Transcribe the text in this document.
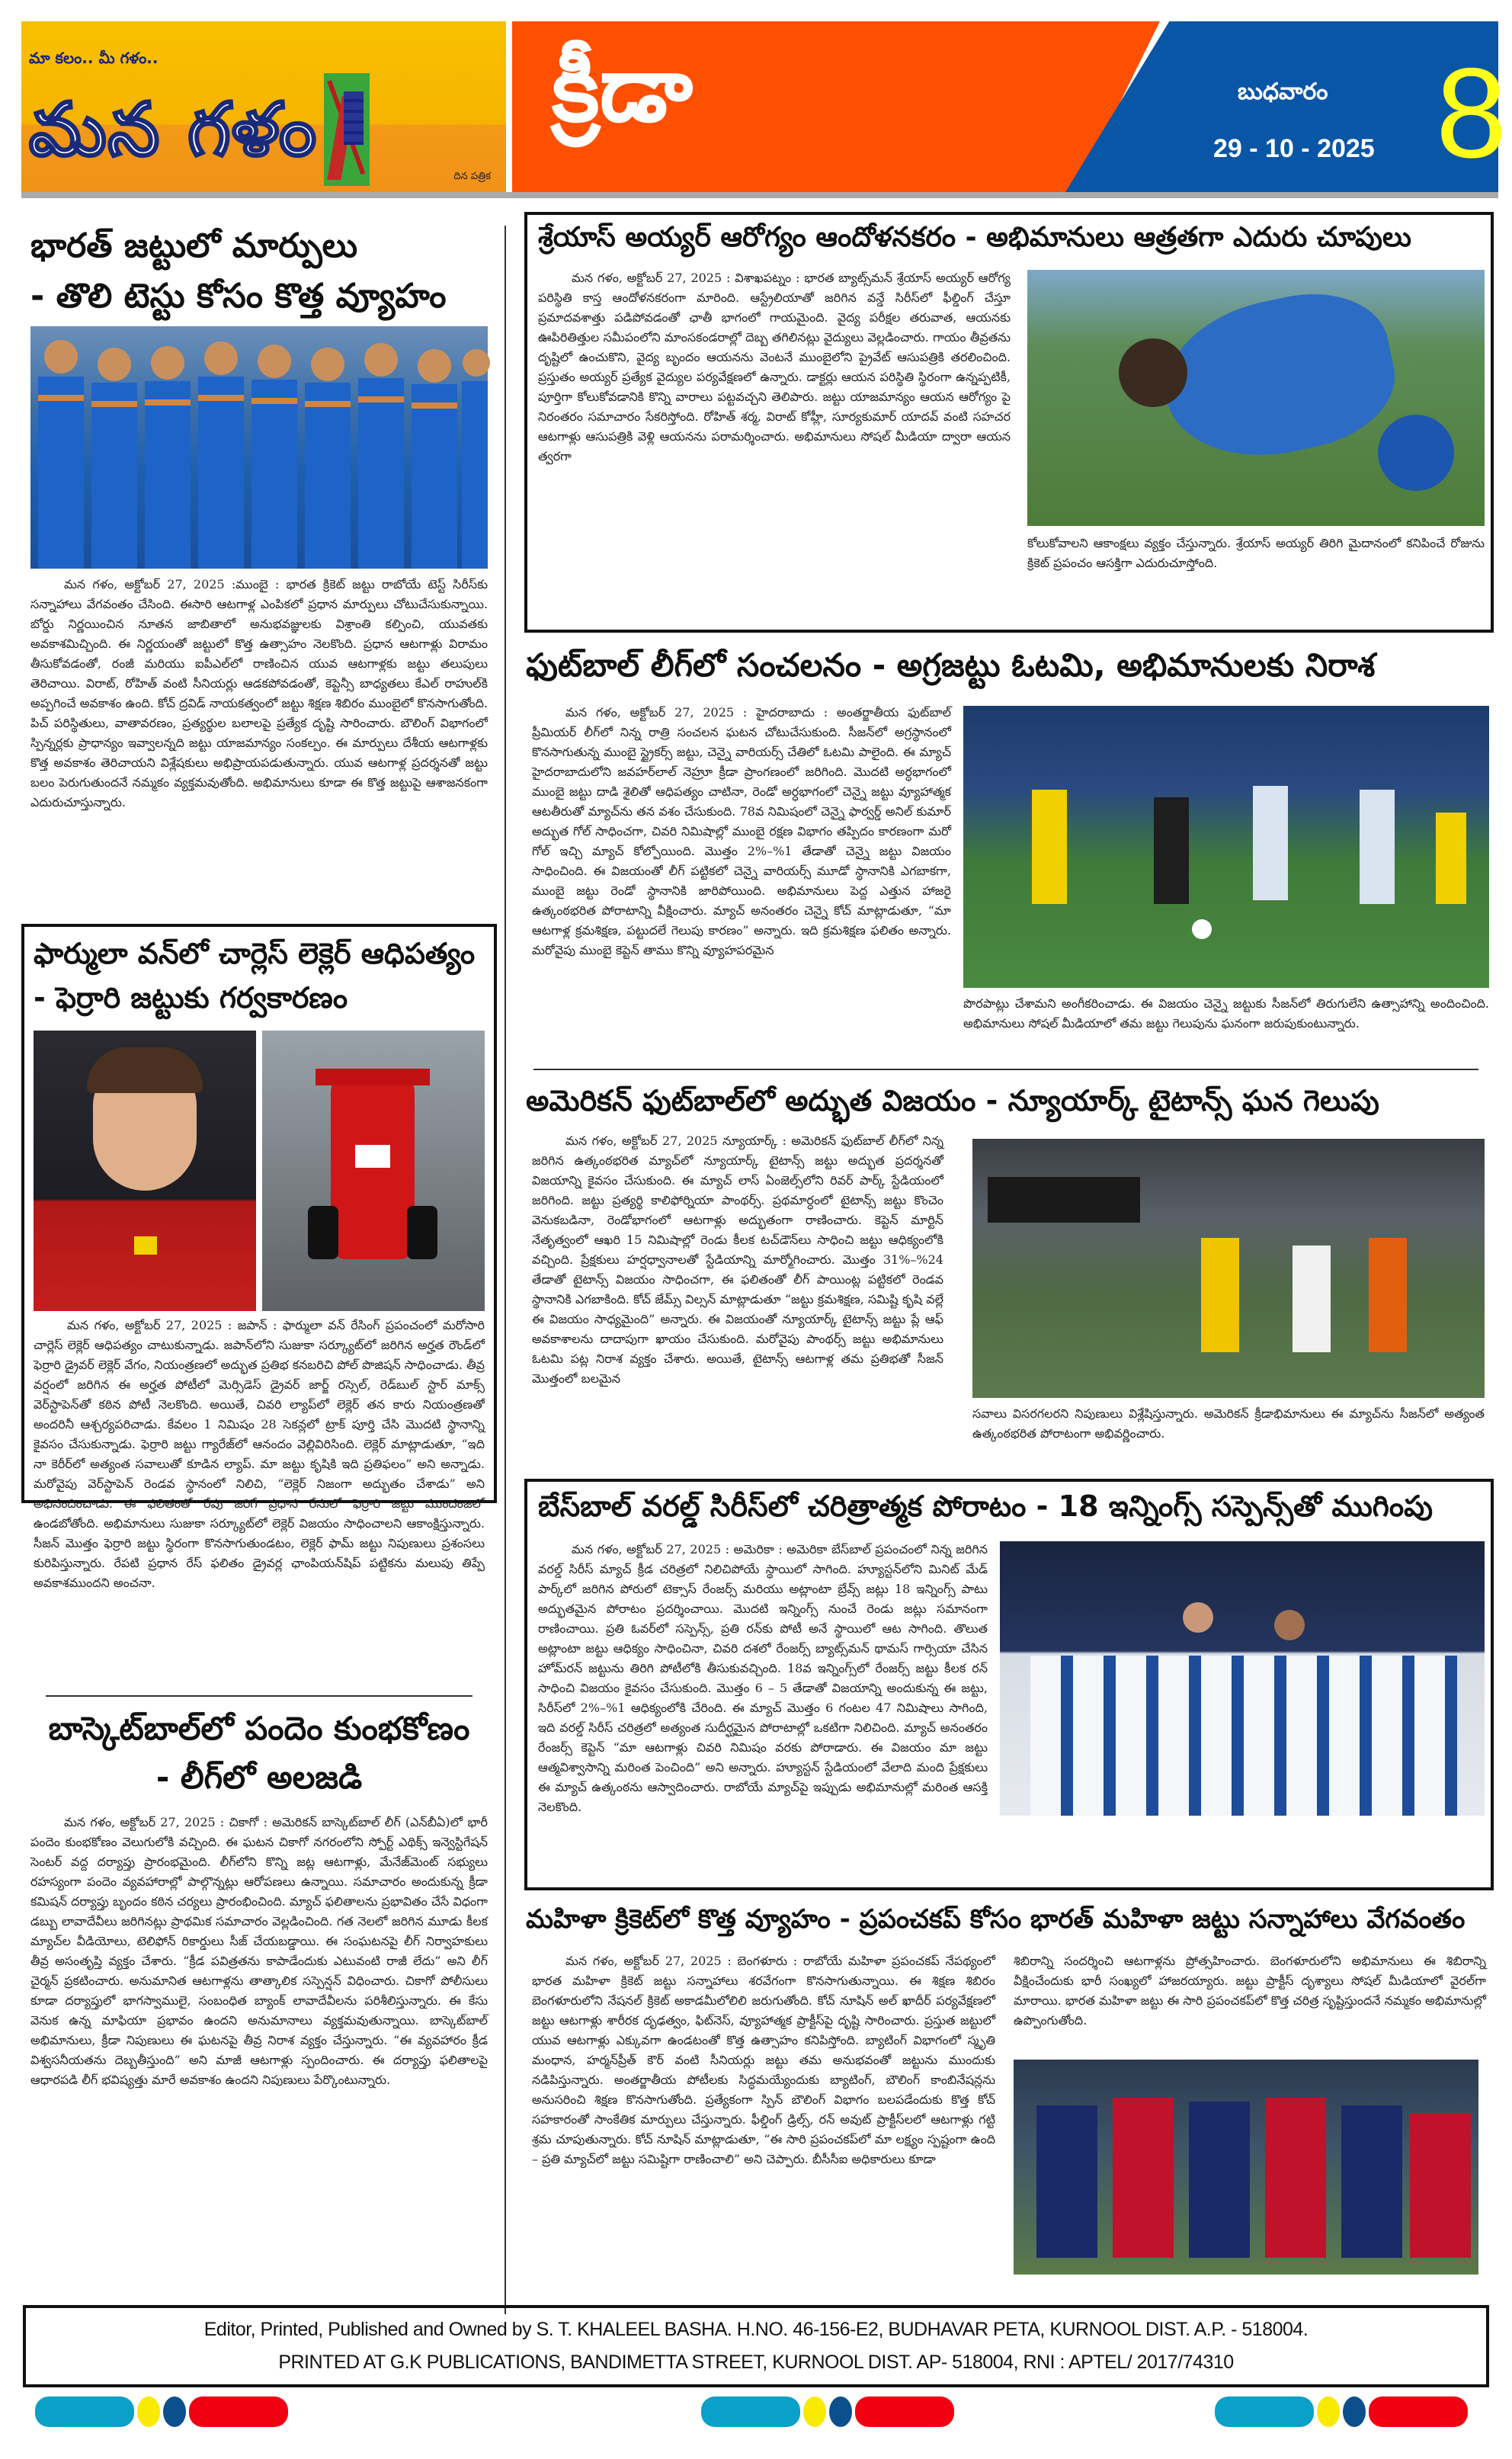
మా కలం.. మీ గళం..
మన గళం
దిన పత్రిక
క్రీడా	బుధవారం
29 - 10 - 2025 8
భారత్ జట్టులో మార్పులు
- తొలి టెస్టు కోసం కొత్త వ్యూహం

మన గళం, అక్టోబర్ 27, 2025 :ముంబై : భారత క్రికెట్ జట్టు రాబోయే టెస్ట్ సిరీస్‌కు సన్నాహాలు వేగవంతం చేసింది. ఈసారి ఆటగాళ్ల ఎంపికలో ప్రధాన మార్పులు చోటుచేసుకున్నాయి. బోర్డు నిర్ణయించిన నూతన జాబితాలో అనుభవజ్ఞులకు విశ్రాంతి కల్పించి, యువతకు అవకాశమిచ్చింది. ఈ నిర్ణయంతో జట్టులో కొత్త ఉత్సాహం నెలకొంది. ప్రధాన ఆటగాళ్లు విరామం తీసుకోవడంతో, రంజీ మరియు ఐపీఎల్‌లో రాణించిన యువ ఆటగాళ్లకు జట్టు తలుపులు తెరిచాయి. విరాట్, రోహిత్ వంటి సీనియర్లు ఆడకపోవడంతో, కెప్టెన్సీ బాధ్యతలు కేఎల్ రాహుల్‌కి అప్పగించే అవకాశం ఉంది. కోచ్ ద్రవిడ్ నాయకత్వంలో జట్టు శిక్షణ శిబిరం ముంబైలో కొనసాగుతోంది. పిచ్ పరిస్థితులు, వాతావరణం, ప్రత్యర్థుల బలాలపై ప్రత్యేక దృష్టి సారించారు. బౌలింగ్ విభాగంలో స్పిన్నర్లకు ప్రాధాన్యం ఇవ్వాలన్నది జట్టు యాజమాన్యం సంకల్పం. ఈ మార్పులు దేశీయ ఆటగాళ్లకు కొత్త అవకాశం తెరిచాయని విశ్లేషకులు అభిప్రాయపడుతున్నారు. యువ ఆటగాళ్ల ప్రదర్శనతో జట్టు బలం పెరుగుతుందనే నమ్మకం వ్యక్తమవుతోంది. అభిమానులు కూడా ఈ కొత్త జట్టుపై ఆశాజనకంగా ఎదురుచూస్తున్నారు.

ఫార్ములా వన్‌లో చార్లెస్ లెక్లెర్ ఆధిపత్యం
- ఫెర్రారి జట్టుకు గర్వకారణం

మన గళం, అక్టోబర్ 27, 2025 : జపాన్ : ఫార్ములా వన్ రేసింగ్ ప్రపంచంలో మరోసారి చార్లెస్ లెక్లెర్ ఆధిపత్యం చాటుకున్నాడు. జపాన్‌లోని సుజుకా సర్క్యూట్‌లో జరిగిన అర్హత రౌండ్‌లో ఫెర్రారి డ్రైవర్ లెక్లెర్ వేగం, నియంత్రణలో అద్భుత ప్రతిభ కనబరిచి పోల్ పొజిషన్ సాధించాడు. తీవ్ర వర్షంలో జరిగిన ఈ అర్హత పోటీలో మెర్సిడెస్ డ్రైవర్ జార్జ్ రస్సెల్, రెడ్‌బుల్ స్టార్ మాక్స్ వెర్‌స్టాపెన్‌తో కఠిన పోటీ నెలకొంది. అయితే, చివరి ల్యాప్‌లో లెక్లెర్ తన కారు నియంత్రణతో అందరినీ ఆశ్చర్యపరిచాడు. కేవలం 1 నిమిషం 28 సెకన్లలో ట్రాక్ పూర్తి చేసి మొదటి స్థానాన్ని కైవసం చేసుకున్నాడు. ఫెర్రారి జట్టు గ్యారేజ్‌లో ఆనందం వెల్లివిరిసింది. లెక్లెర్ మాట్లాడుతూ, “ఇది నా కెరీర్‌లో అత్యంత సవాలుతో కూడిన ల్యాప్. మా జట్టు కృషికి ఇది ప్రతిఫలం” అని అన్నాడు. మరోవైపు వెర్‌స్టాపెన్ రెండవ స్థానంలో నిలిచి, “లెక్లెర్ నిజంగా అద్భుతం చేశాడు” అని అభినందించాడు. ఈ ఫలితంతో రేపు జరిగే ప్రధాన రేసులో ఫెర్రారి జట్టు ముందంజలో ఉండబోతోంది. అభిమానులు సుజుకా సర్క్యూట్‌లో లెక్లెర్ విజయం సాధించాలని ఆకాంక్షిస్తున్నారు. సీజన్ మొత్తం ఫెర్రారి జట్టు స్థిరంగా కొనసాగుతుండటం, లెక్లెర్ ఫామ్ జట్టు నిపుణులు ప్రశంసలు కురిపిస్తున్నారు. రేపటి ప్రధాన రేస్ ఫలితం డ్రైవర్ల ఛాంపియన్‌షిప్ పట్టికను మలుపు తిప్పే అవకాశముందని అంచనా.

బాస్కెట్‌బాల్‌లో పందెం కుంభకోణం
- లీగ్‌లో అలజడి

మన గళం, అక్టోబర్ 27, 2025 : చికాగో : అమెరికన్ బాస్కెట్‌బాల్ లీగ్ (ఎన్‌బీఏ)లో భారీ పందెం కుంభకోణం వెలుగులోకి వచ్చింది. ఈ ఘటన చికాగో నగరంలోని స్పోర్ట్ ఎథిక్స్ ఇన్వెస్టిగేషన్ సెంటర్ వద్ద దర్యాప్తు ప్రారంభమైంది. లీగ్‌లోని కొన్ని జట్ల ఆటగాళ్లు, మేనేజ్‌మెంట్ సభ్యులు రహస్యంగా పందెం వ్యవహారాల్లో పాల్గొన్నట్లు ఆరోపణలు ఉన్నాయి. సమాచారం అందుకున్న క్రీడా కమిషన్ దర్యాప్తు బృందం కఠిన చర్యలు ప్రారంభించింది. మ్యాచ్ ఫలితాలను ప్రభావితం చేసే విధంగా డబ్బు లావాదేవీలు జరిగినట్లు ప్రాథమిక సమాచారం వెల్లడించింది. గత నెలలో జరిగిన మూడు కీలక మ్యాచ్‌ల వీడియోలు, టెలిఫోన్ రికార్డులు సీజ్ చేయబడ్డాయి. ఈ సంఘటనపై లీగ్ నిర్వాహకులు తీవ్ర అసంతృప్తి వ్యక్తం చేశారు. “క్రీడ పవిత్రతను కాపాడేందుకు ఎటువంటి రాజీ లేదు” అని లీగ్ చైర్మన్ ప్రకటించారు. అనుమానిత ఆటగాళ్లను తాత్కాలిక సస్పెన్షన్ విధించారు. చికాగో పోలీసులు కూడా దర్యాప్తులో భాగస్వాములై, సంబంధిత బ్యాంక్ లావాదేవీలను పరిశీలిస్తున్నారు. ఈ కేసు వెనుక ఉన్న మాఫియా ప్రభావం ఉందని అనుమానాలు వ్యక్తమవుతున్నాయి. బాస్కెట్‌బాల్ అభిమానులు, క్రీడా నిపుణులు ఈ ఘటనపై తీవ్ర నిరాశ వ్యక్తం చేస్తున్నారు. “ఈ వ్యవహారం క్రీడ విశ్వసనీయతను దెబ్బతీస్తుంది” అని మాజీ ఆటగాళ్లు స్పందించారు. ఈ దర్యాప్తు ఫలితాలపై ఆధారపడి లీగ్ భవిష్యత్తు మారే అవకాశం ఉందని నిపుణులు పేర్కొంటున్నారు.

శ్రేయాస్ అయ్యర్ ఆరోగ్యం ఆందోళనకరం - అభిమానులు ఆత్రతగా ఎదురు చూపులు

మన గళం, అక్టోబర్ 27, 2025 : విశాఖపట్నం : భారత బ్యాట్స్‌మన్ శ్రేయాస్ అయ్యర్ ఆరోగ్య పరిస్థితి కాస్త ఆందోళనకరంగా మారింది. ఆస్ట్రేలియాతో జరిగిన వన్డే సిరీస్‌లో ఫీల్డింగ్ చేస్తూ ప్రమాదవశాత్తు పడిపోవడంతో ఛాతీ భాగంలో గాయమైంది. వైద్య పరీక్షల తరువాత, ఆయనకు ఊపిరితిత్తుల సమీపంలోని మాంసకండరాల్లో దెబ్బ తగిలినట్లు వైద్యులు వెల్లడించారు. గాయం తీవ్రతను దృష్టిలో ఉంచుకొని, వైద్య బృందం ఆయనను వెంటనే ముంబైలోని ప్రైవేట్ ఆసుపత్రికి తరలించింది. ప్రస్తుతం అయ్యర్ ప్రత్యేక వైద్యుల పర్యవేక్షణలో ఉన్నారు. డాక్టర్లు ఆయన పరిస్థితి స్థిరంగా ఉన్నప్పటికీ, పూర్తిగా కోలుకోవడానికి కొన్ని వారాలు పట్టవచ్చని తెలిపారు. జట్టు యాజమాన్యం ఆయన ఆరోగ్యం పై నిరంతరం సమాచారం సేకరిస్తోంది. రోహిత్ శర్మ, విరాట్ కోహ్లీ, సూర్యకుమార్ యాదవ్ వంటి సహచర ఆటగాళ్లు ఆసుపత్రికి వెళ్లి ఆయనను పరామర్శించారు. అభిమానులు సోషల్ మీడియా ద్వారా ఆయన త్వరగా

కోలుకోవాలని ఆకాంక్షలు వ్యక్తం చేస్తున్నారు. శ్రేయాస్ అయ్యర్ తిరిగి మైదానంలో కనిపించే రోజును క్రికెట్ ప్రపంచం ఆసక్తిగా ఎదురుచూస్తోంది.

ఫుట్‌బాల్ లీగ్‌లో సంచలనం - అగ్రజట్టు ఓటమి, అభిమానులకు నిరాశ

మన గళం, అక్టోబర్ 27, 2025 : హైదరాబాదు : అంతర్జాతీయ ఫుట్‌బాల్ ప్రీమియర్ లీగ్‌లో నిన్న రాత్రి సంచలన ఘటన చోటుచేసుకుంది. సీజన్‌లో అగ్రస్థానంలో కొనసాగుతున్న ముంబై స్ట్రైకర్స్ జట్టు, చెన్నై వారియర్స్ చేతిలో ఓటమి పాలైంది. ఈ మ్యాచ్ హైదరాబాదులోని జవహర్‌లాల్ నెహ్రూ క్రీడా ప్రాంగణంలో జరిగింది. మొదటి అర్ధభాగంలో ముంబై జట్టు దాడి శైలితో ఆధిపత్యం చాటినా, రెండో అర్ధభాగంలో చెన్నై జట్టు వ్యూహాత్మక ఆటతీరుతో మ్యాచ్‌ను తన వశం చేసుకుంది. 78వ నిమిషంలో చెన్నై ఫార్వర్డ్ అనిల్ కుమార్ అద్భుత గోల్ సాధించగా, చివరి నిమిషాల్లో ముంబై రక్షణ విభాగం తప్పిదం కారణంగా మరో గోల్ ఇచ్చి మ్యాచ్ కోల్పోయింది. మొత్తం 2%–%1 తేడాతో చెన్నై జట్టు విజయం సాధించింది. ఈ విజయంతో లీగ్ పట్టికలో చెన్నై వారియర్స్ మూడో స్థానానికి ఎగబాకగా, ముంబై జట్టు రెండో స్థానానికి జారిపోయింది. అభిమానులు పెద్ద ఎత్తున హాజరై ఉత్కంఠభరిత పోరాటాన్ని వీక్షించారు. మ్యాచ్ అనంతరం చెన్నై కోచ్ మాట్లాడుతూ, “మా ఆటగాళ్ల క్రమశిక్షణ, పట్టుదలే గెలుపు కారణం” అన్నారు. ఇది క్రమశిక్షణ ఫలితం అన్నారు. మరోవైపు ముంబై కెప్టెన్ తాము కొన్ని వ్యూహపరమైన

పొరపాట్లు చేశామని అంగీకరించాడు. ఈ విజయం చెన్నై జట్టుకు సీజన్‌లో తిరుగులేని ఉత్సాహాన్ని అందించింది. అభిమానులు సోషల్ మీడియాలో తమ జట్టు గెలుపును ఘనంగా జరుపుకుంటున్నారు.

అమెరికన్ ఫుట్‌బాల్‌లో అద్భుత విజయం - న్యూయార్క్ టైటాన్స్ ఘన గెలుపు

మన గళం, అక్టోబర్ 27, 2025 న్యూయార్క్ : అమెరికన్ ఫుట్‌బాల్ లీగ్‌లో నిన్న జరిగిన ఉత్కంఠభరిత మ్యాచ్‌లో న్యూయార్క్ టైటాన్స్ జట్టు అద్భుత ప్రదర్శనతో విజయాన్ని కైవసం చేసుకుంది. ఈ మ్యాచ్ లాస్ ఏంజెల్స్‌లోని రివర్ పార్క్ స్టేడియంలో జరిగింది. జట్టు ప్రత్యర్థి కాలిఫోర్నియా పాంథర్స్. ప్రథమార్ధంలో టైటాన్స్ జట్టు కొంచెం వెనుకబడినా, రెండోభాగంలో ఆటగాళ్లు అద్భుతంగా రాణించారు. కెప్టెన్ మార్టిన్ నేతృత్వంలో ఆఖరి 15 నిమిషాల్లో రెండు కీలక టచ్‌డౌన్‌లు సాధించి జట్టు ఆధిక్యంలోకి వచ్చింది. ప్రేక్షకులు హర్షధ్వానాలతో స్టేడియాన్ని మార్మోగించారు. మొత్తం 31%–%24 తేడాతో టైటాన్స్ విజయం సాధించగా, ఈ ఫలితంతో లీగ్ పాయింట్ల పట్టికలో రెండవ స్థానానికి ఎగబాకింది. కోచ్ జేమ్స్ విల్సన్ మాట్లాడుతూ “జట్టు క్రమశిక్షణ, సమిష్టి కృషి వల్లే ఈ విజయం సాధ్యమైంది” అన్నారు. ఈ విజయంతో న్యూయార్క్ టైటాన్స్ జట్టు ప్లే ఆఫ్ అవకాశాలను దాదాపుగా ఖాయం చేసుకుంది. మరోవైపు పాంథర్స్ జట్టు అభిమానులు ఓటమి పట్ల నిరాశ వ్యక్తం చేశారు. అయితే, టైటాన్స్ ఆటగాళ్ల తమ ప్రతిభతో సీజన్ మొత్తంలో బలమైన

సవాలు విసరగలరని నిపుణులు విశ్లేషిస్తున్నారు. అమెరికన్ క్రీడాభిమానులు ఈ మ్యాచ్‌ను సీజన్‌లో అత్యంత ఉత్కంఠభరిత పోరాటంగా అభివర్ణించారు.

బేస్‌బాల్ వరల్డ్ సిరీస్‌లో చరిత్రాత్మక పోరాటం - 18 ఇన్నింగ్స్ సస్పెన్స్‌తో ముగింపు

మన గళం, అక్టోబర్ 27, 2025 : అమెరికా : అమెరికా బేస్‌బాల్ ప్రపంచంలో నిన్న జరిగిన వరల్డ్ సిరీస్ మ్యాచ్ క్రీడ చరిత్రలో నిలిచిపోయే స్థాయిలో సాగింది. హ్యూస్టన్‌లోని మినిట్ మేడ్ పార్క్‌లో జరిగిన పోరులో టెక్సాస్ రేంజర్స్ మరియు అట్లాంటా బ్రేవ్స్ జట్లు 18 ఇన్నింగ్స్ పాటు అద్భుతమైన పోరాటం ప్రదర్శించాయి. మొదటి ఇన్నింగ్స్ నుంచే రెండు జట్లు సమానంగా రాణించాయి. ప్రతి ఓవర్‌లో సస్పెన్స్, ప్రతి రన్‌కు పోటీ అనే స్థాయిలో ఆట సాగింది. తొలుత అట్లాంటా జట్టు ఆధిక్యం సాధించినా, చివరి దశలో రేంజర్స్ బ్యాట్స్‌మన్ థామస్ గార్సియా చేసిన హోమ్‌రన్ జట్టును తిరిగి పోటీలోకి తీసుకువచ్చింది. 18వ ఇన్నింగ్స్‌లో రేంజర్స్ జట్టు కీలక రన్ సాధించి విజయం కైవసం చేసుకుంది. మొత్తం 6 – 5 తేడాతో విజయాన్ని అందుకున్న ఈ జట్టు, సిరీస్‌లో 2%–%1 ఆధిక్యంలోకి చేరింది. ఈ మ్యాచ్ మొత్తం 6 గంటల 47 నిమిషాలు సాగింది, ఇది వరల్డ్ సిరీస్ చరిత్రలో అత్యంత సుదీర్ఘమైన పోరాటాల్లో ఒకటిగా నిలిచింది. మ్యాచ్ అనంతరం రేంజర్స్ కెప్టెన్ “మా ఆటగాళ్లు చివరి నిమిషం వరకు పోరాడారు. ఈ విజయం మా జట్టు ఆత్మవిశ్వాసాన్ని మరింత పెంచింది” అని అన్నారు. హ్యూస్టన్ స్టేడియంలో వేలాది మంది ప్రేక్షకులు ఈ మ్యాచ్ ఉత్కంఠను ఆస్వాదించారు. రాబోయే మ్యాచ్‌పై ఇప్పుడు అభిమానుల్లో మరింత ఆసక్తి నెలకొంది.

మహిళా క్రికెట్‌లో కొత్త వ్యూహం - ప్రపంచకప్ కోసం భారత్ మహిళా జట్టు సన్నాహాలు వేగవంతం

మన గళం, అక్టోబర్ 27, 2025 : బెంగళూరు : రాబోయే మహిళా ప్రపంచకప్ నేపథ్యంలో భారత మహిళా క్రికెట్ జట్టు సన్నాహాలు శరవేగంగా కొనసాగుతున్నాయి. ఈ శిక్షణ శిబిరం బెంగళూరులోని నేషనల్ క్రికెట్ అకాడమీలోలిలి జరుగుతోంది. కోచ్ నూషిన్ అల్ ఖాదీర్ పర్యవేక్షణలో జట్టు ఆటగాళ్లు శారీరక దృఢత్వం, ఫిట్‌నెస్, వ్యూహాత్మక ప్రాక్టీస్‌పై దృష్టి సారించారు. ప్రస్తుత జట్టులో యువ ఆటగాళ్లు ఎక్కువగా ఉండటంతో కొత్త ఉత్సాహం కనిపిస్తోంది. బ్యాటింగ్ విభాగంలో స్మృతి మంధాన, హర్మన్‌ప్రీత్ కౌర్ వంటి సీనియర్లు జట్టు తమ అనుభవంతో జట్టును ముందుకు నడిపిస్తున్నారు. అంతర్జాతీయ పోటీలకు సిద్ధమయ్యేందుకు బ్యాటింగ్, బౌలింగ్ కాంబినేషన్లను అనుసరించి శిక్షణ కొనసాగుతోంది. ప్రత్యేకంగా స్పిన్ బౌలింగ్ విభాగం బలపడేందుకు కొత్త కోచ్ సహకారంతో సాంకేతిక మార్పులు చేస్తున్నారు. ఫీల్డింగ్ డ్రిల్స్, రన్ అవుట్ ప్రాక్టీస్‌లలో ఆటగాళ్లు గట్టి శ్రమ చూపుతున్నారు. కోచ్ నూషిన్ మాట్లాడుతూ, “ఈ సారి ప్రపంచకప్‌లో మా లక్ష్యం స్పష్టంగా ఉంది – ప్రతి మ్యాచ్‌లో జట్టు సమిష్టిగా రాణించాలి” అని చెప్పారు. బీసీసీఐ అధికారులు కూడా

శిబిరాన్ని సందర్శించి ఆటగాళ్లను ప్రోత్సహించారు. బెంగళూరులోని అభిమానులు ఈ శిబిరాన్ని వీక్షించేందుకు భారీ సంఖ్యలో హాజరయ్యారు. జట్టు ప్రాక్టీస్ దృశ్యాలు సోషల్ మీడియాలో వైరల్‌గా మారాయి. భారత మహిళా జట్టు ఈ సారి ప్రపంచకప్‌లో కొత్త చరిత్ర సృష్టిస్తుందనే నమ్మకం అభిమానుల్లో ఉప్పొంగుతోంది.

Editor, Printed, Published and Owned by S. T. KHALEEL BASHA. H.NO. 46-156-E2, BUDHAVAR PETA, KURNOOL DIST. A.P. - 518004.

PRINTED AT G.K PUBLICATIONS, BANDIMETTA STREET, KURNOOL DIST. AP- 518004, RNI : APTEL/ 2017/74310
